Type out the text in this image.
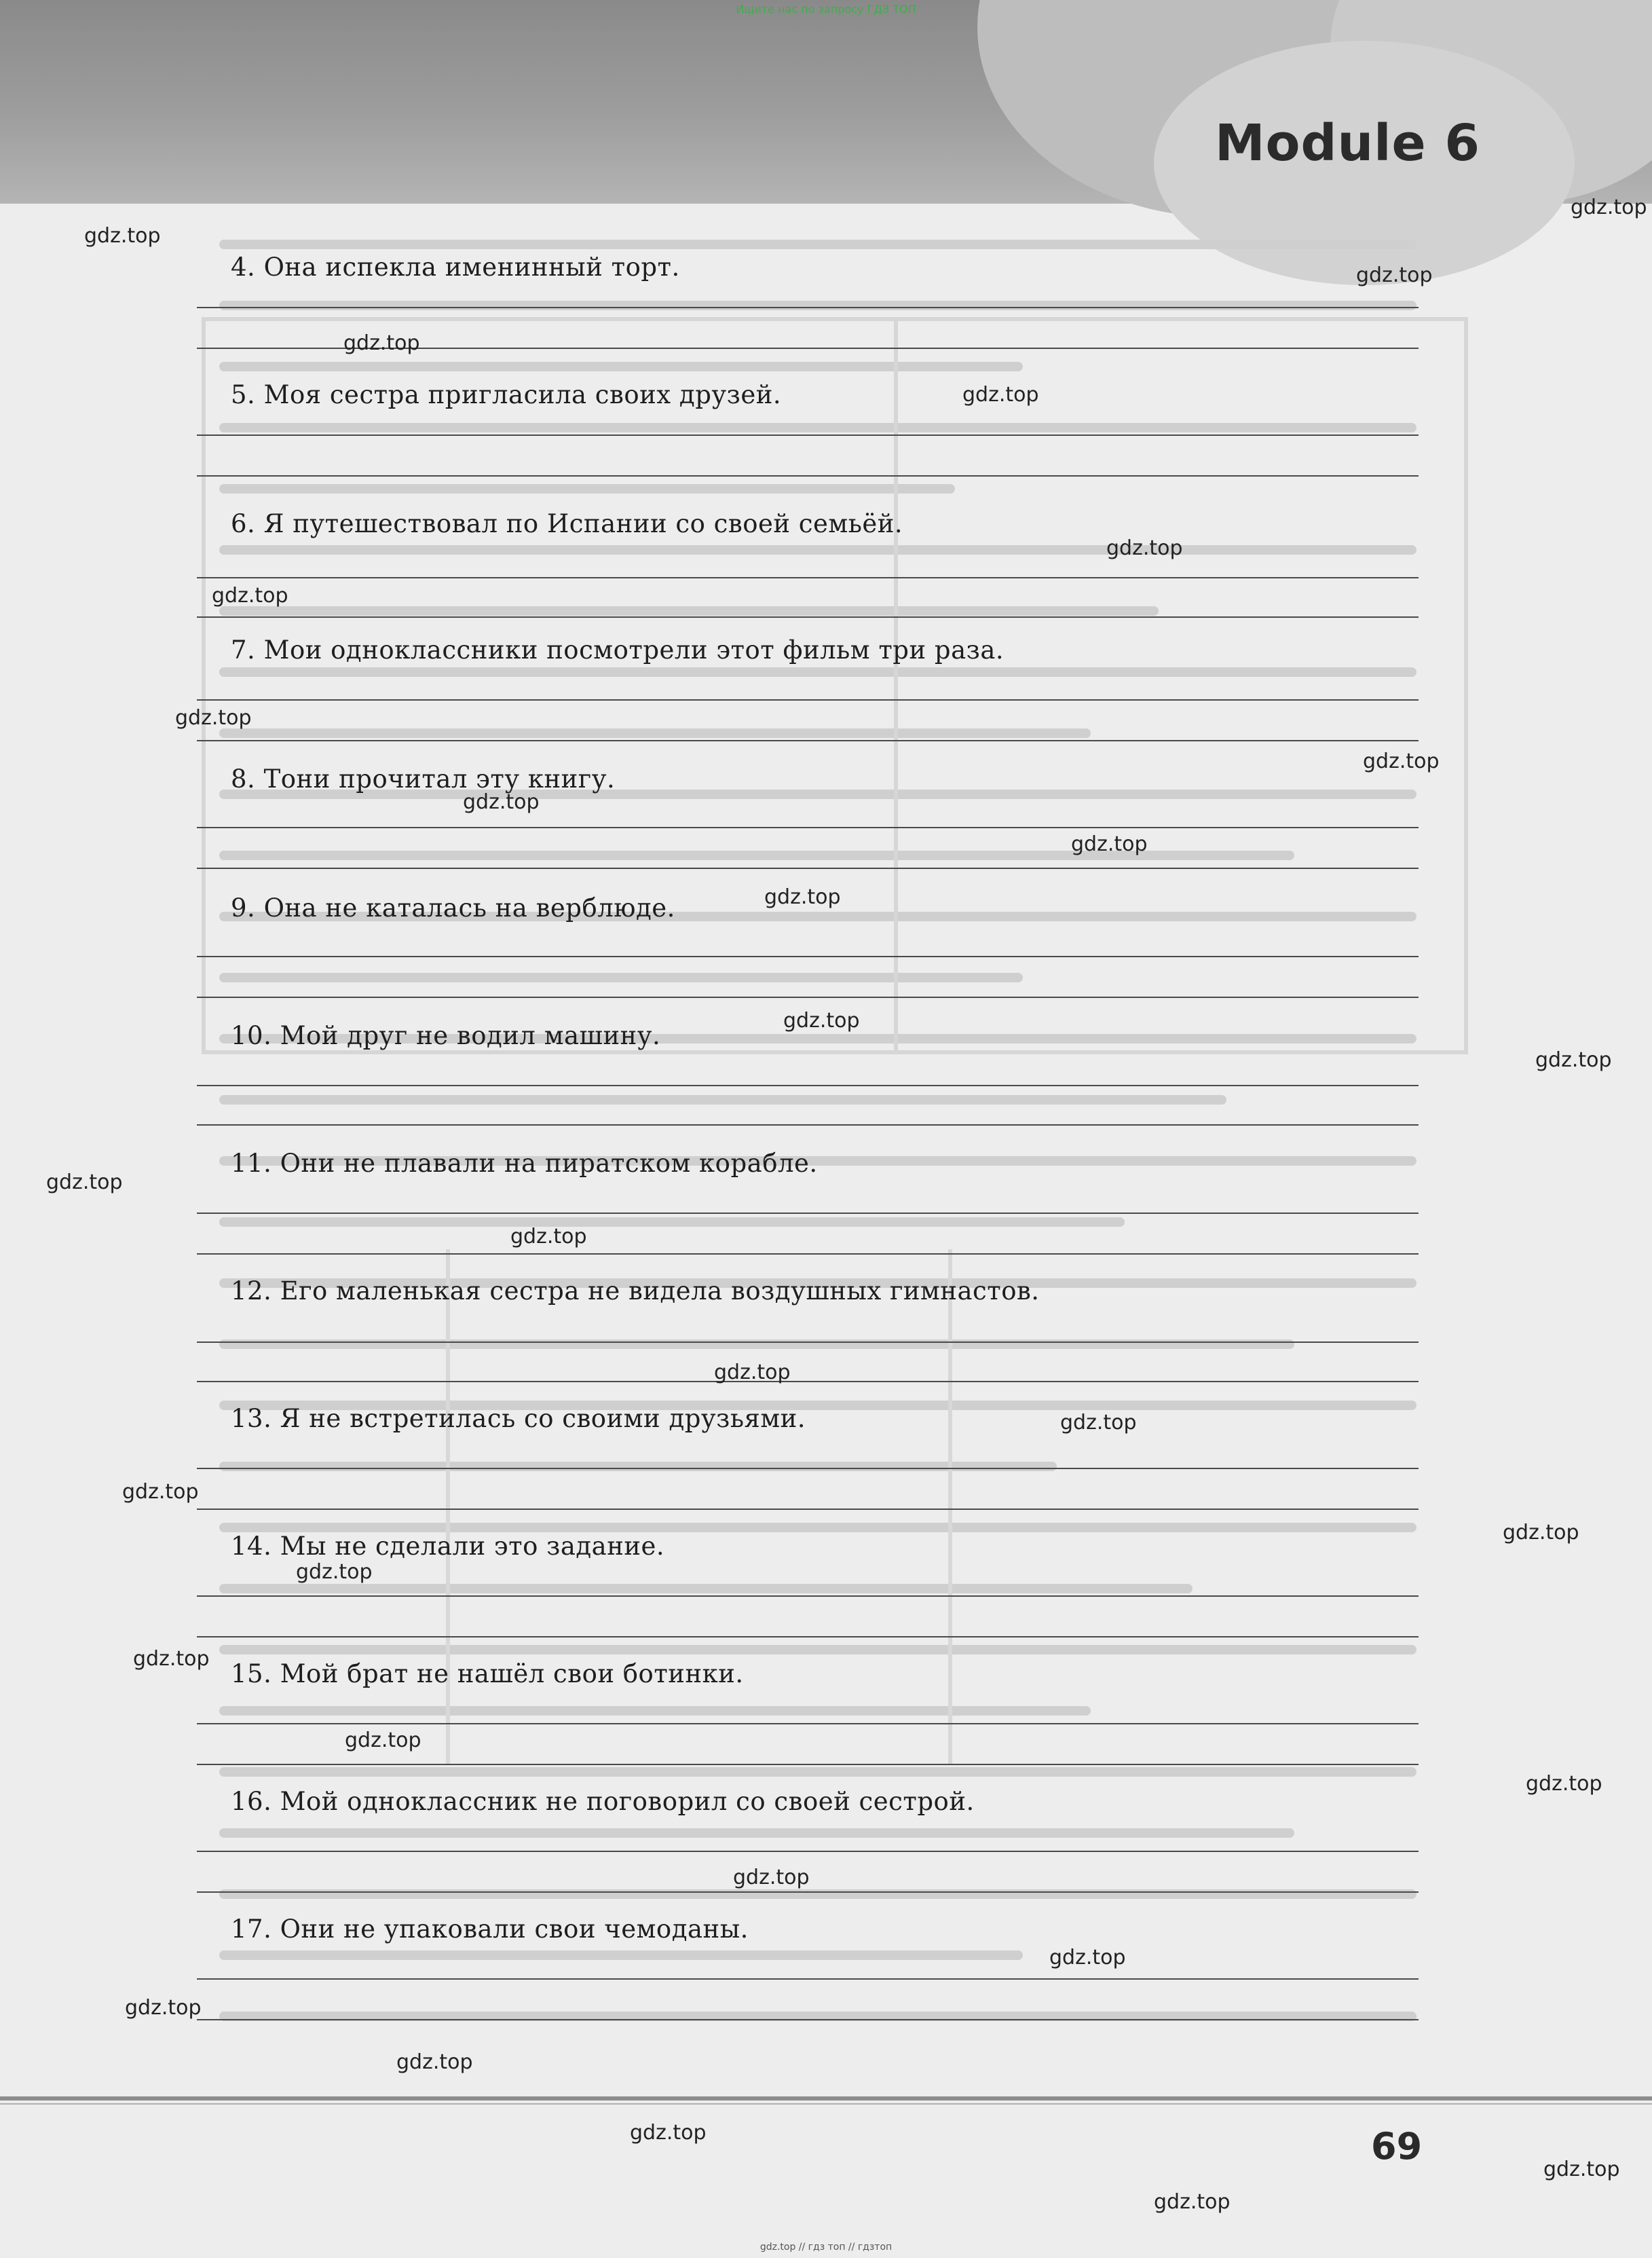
Ищите нас по запросу ГДЗ ТОП
Module 6
4. Она испекла именинный торт.
5. Моя сестра пригласила своих друзей.
6. Я путешествовал по Испании со своей семьёй.
7. Мои одноклассники посмотрели этот фильм три раза.
8. Тони прочитал эту книгу.
9. Она не каталась на верблюде.
10. Мой друг не водил машину.
11. Они не плавали на пиратском корабле.
12. Его маленькая сестра не видела воздушных гимнастов.
13. Я не встретилась со своими друзьями.
14. Мы не сделали это задание.
15. Мой брат не нашёл свои ботинки.
16. Мой одноклассник не поговорил со своей сестрой.
17. Они не упаковали свои чемоданы.
69
gdz.top // гдз топ // гдзтоп
gdz.top
gdz.top
gdz.top
gdz.top
gdz.top
gdz.top
gdz.top
gdz.top
gdz.top
gdz.top
gdz.top
gdz.top
gdz.top
gdz.top
gdz.top
gdz.top
gdz.top
gdz.top
gdz.top
gdz.top
gdz.top
gdz.top
gdz.top
gdz.top
gdz.top
gdz.top
gdz.top
gdz.top
gdz.top
gdz.top
gdz.top
